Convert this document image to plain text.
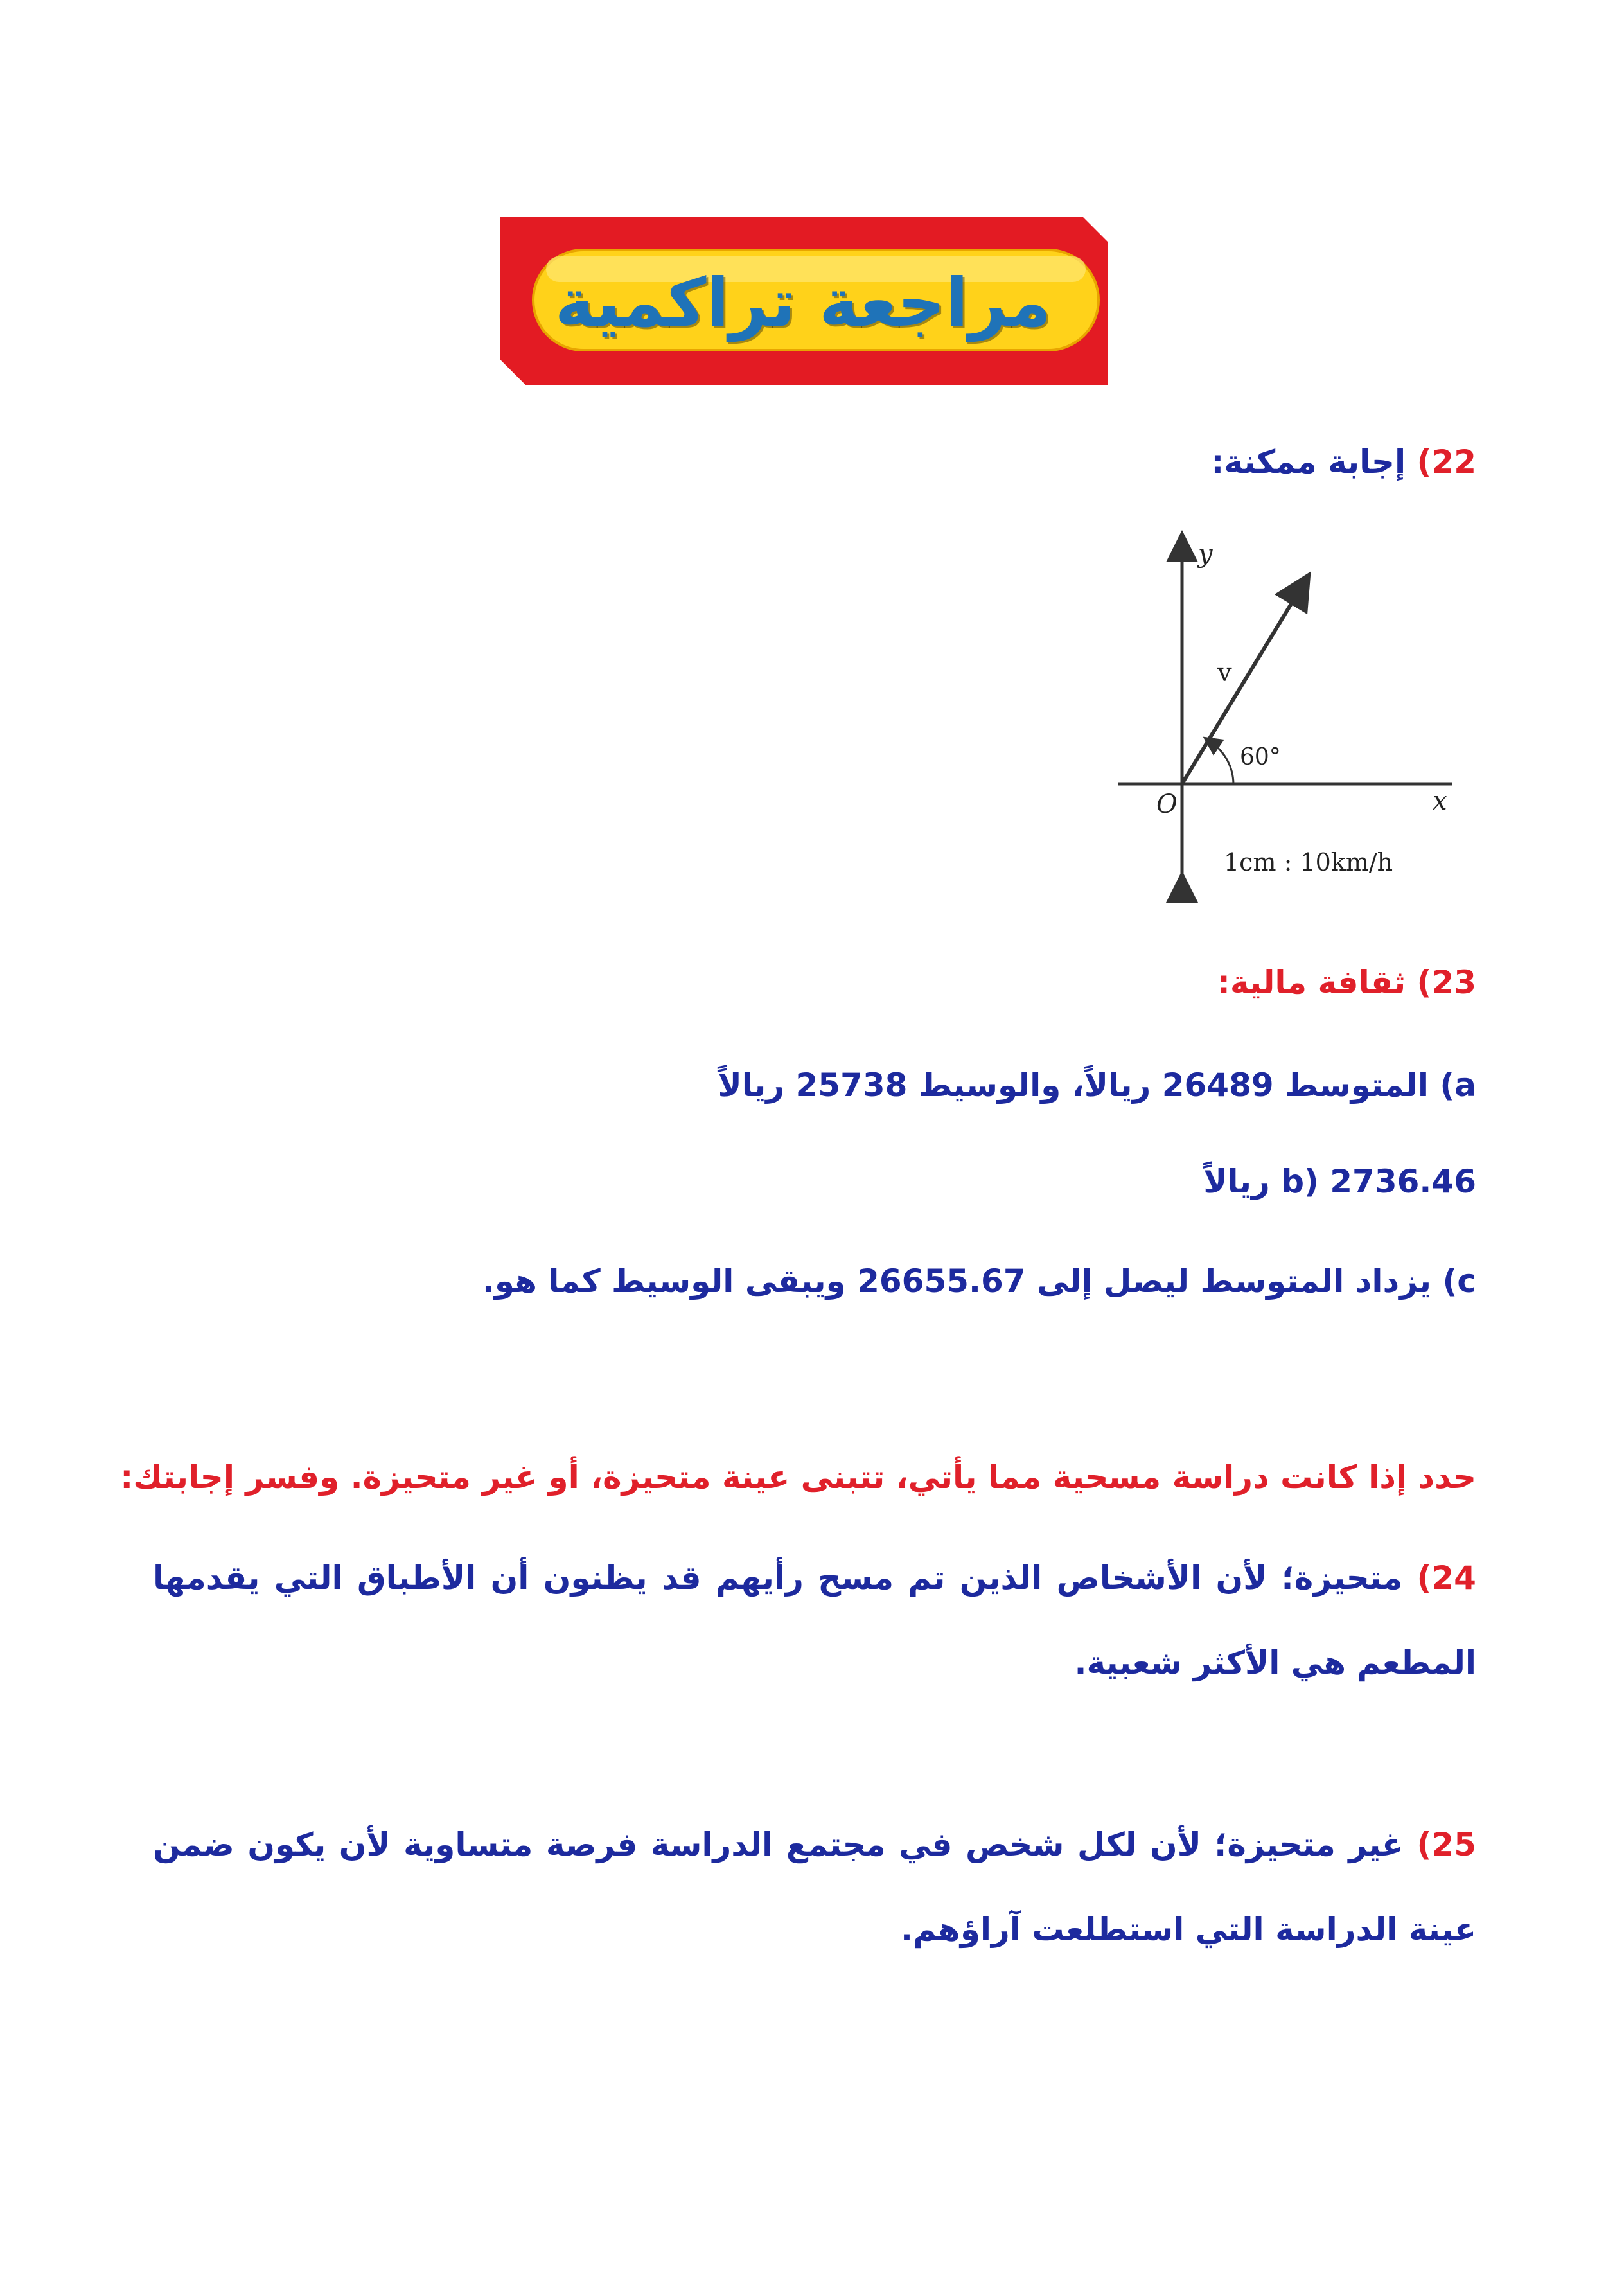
مراجعة تراكمية
22) إجابة ممكنة:
y
x
O
v
60°
1cm : 10km/h
23) ثقافة مالية:
a) المتوسط 26489 ريالاً، والوسيط 25738 ريالاً
b) 2736.46 ريالاً
c) يزداد المتوسط ليصل إلى 26655.67 ويبقى الوسيط كما هو.
حدد إذا كانت دراسة مسحية مما يأتي، تتبنى عينة متحيزة، أو غير متحيزة. وفسر إجابتك:
24) متحيزة؛ لأن الأشخاص الذين تم مسح رأيهم قد يظنون أن الأطباق التي يقدمها المطعم هي الأكثر شعبية.
25) غير متحيزة؛ لأن لكل شخص في مجتمع الدراسة فرصة متساوية لأن يكون ضمن عينة الدراسة التي استطلعت آراؤهم.
